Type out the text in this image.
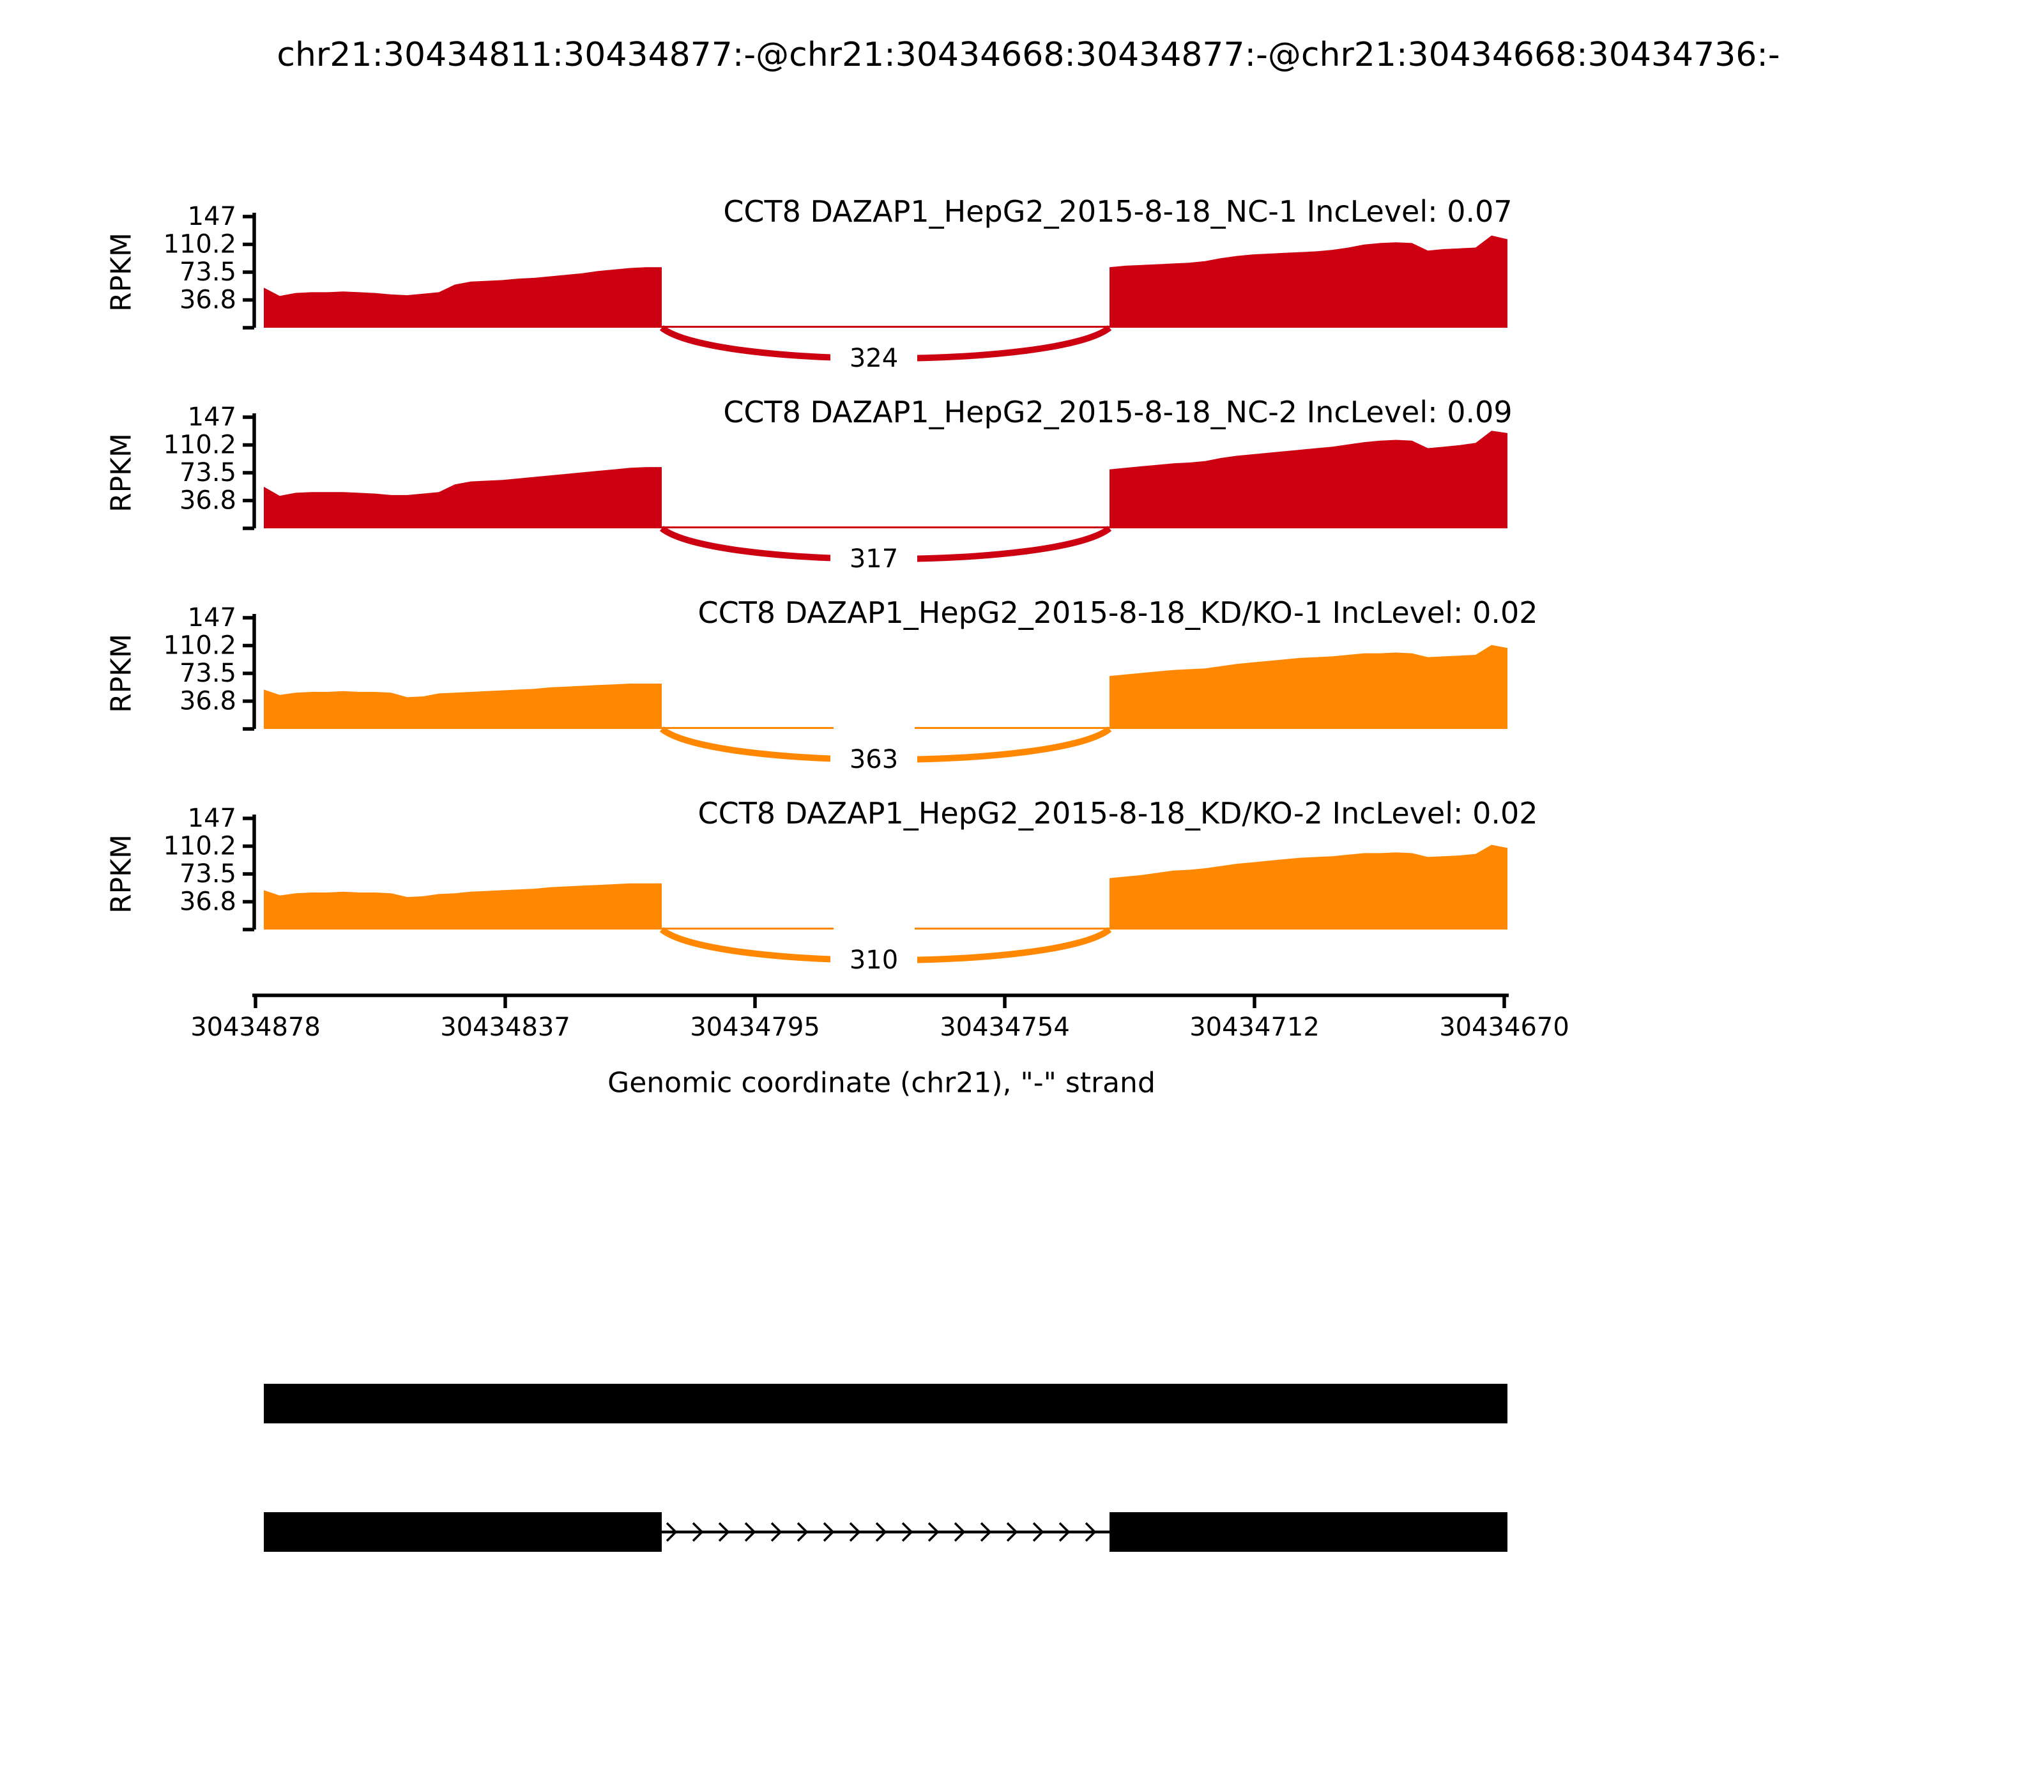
chr21:30434811:30434877:-@chr21:30434668:30434877:-@chr21:30434668:30434736:-
RPKM
147
110.2
73.5
36.8
CCT8 DAZAP1_HepG2_2015-8-18_NC-1 IncLevel: 0.07
324
RPKM
147
110.2
73.5
36.8
CCT8 DAZAP1_HepG2_2015-8-18_NC-2 IncLevel: 0.09
317
RPKM
147
110.2
73.5
36.8
CCT8 DAZAP1_HepG2_2015-8-18_KD/KO-1 IncLevel: 0.02
363
RPKM
147
110.2
73.5
36.8
CCT8 DAZAP1_HepG2_2015-8-18_KD/KO-2 IncLevel: 0.02
310
30434878	30434837	30434795	30434754	30434712	30434670
Genomic coordinate (chr21), "-" strand
